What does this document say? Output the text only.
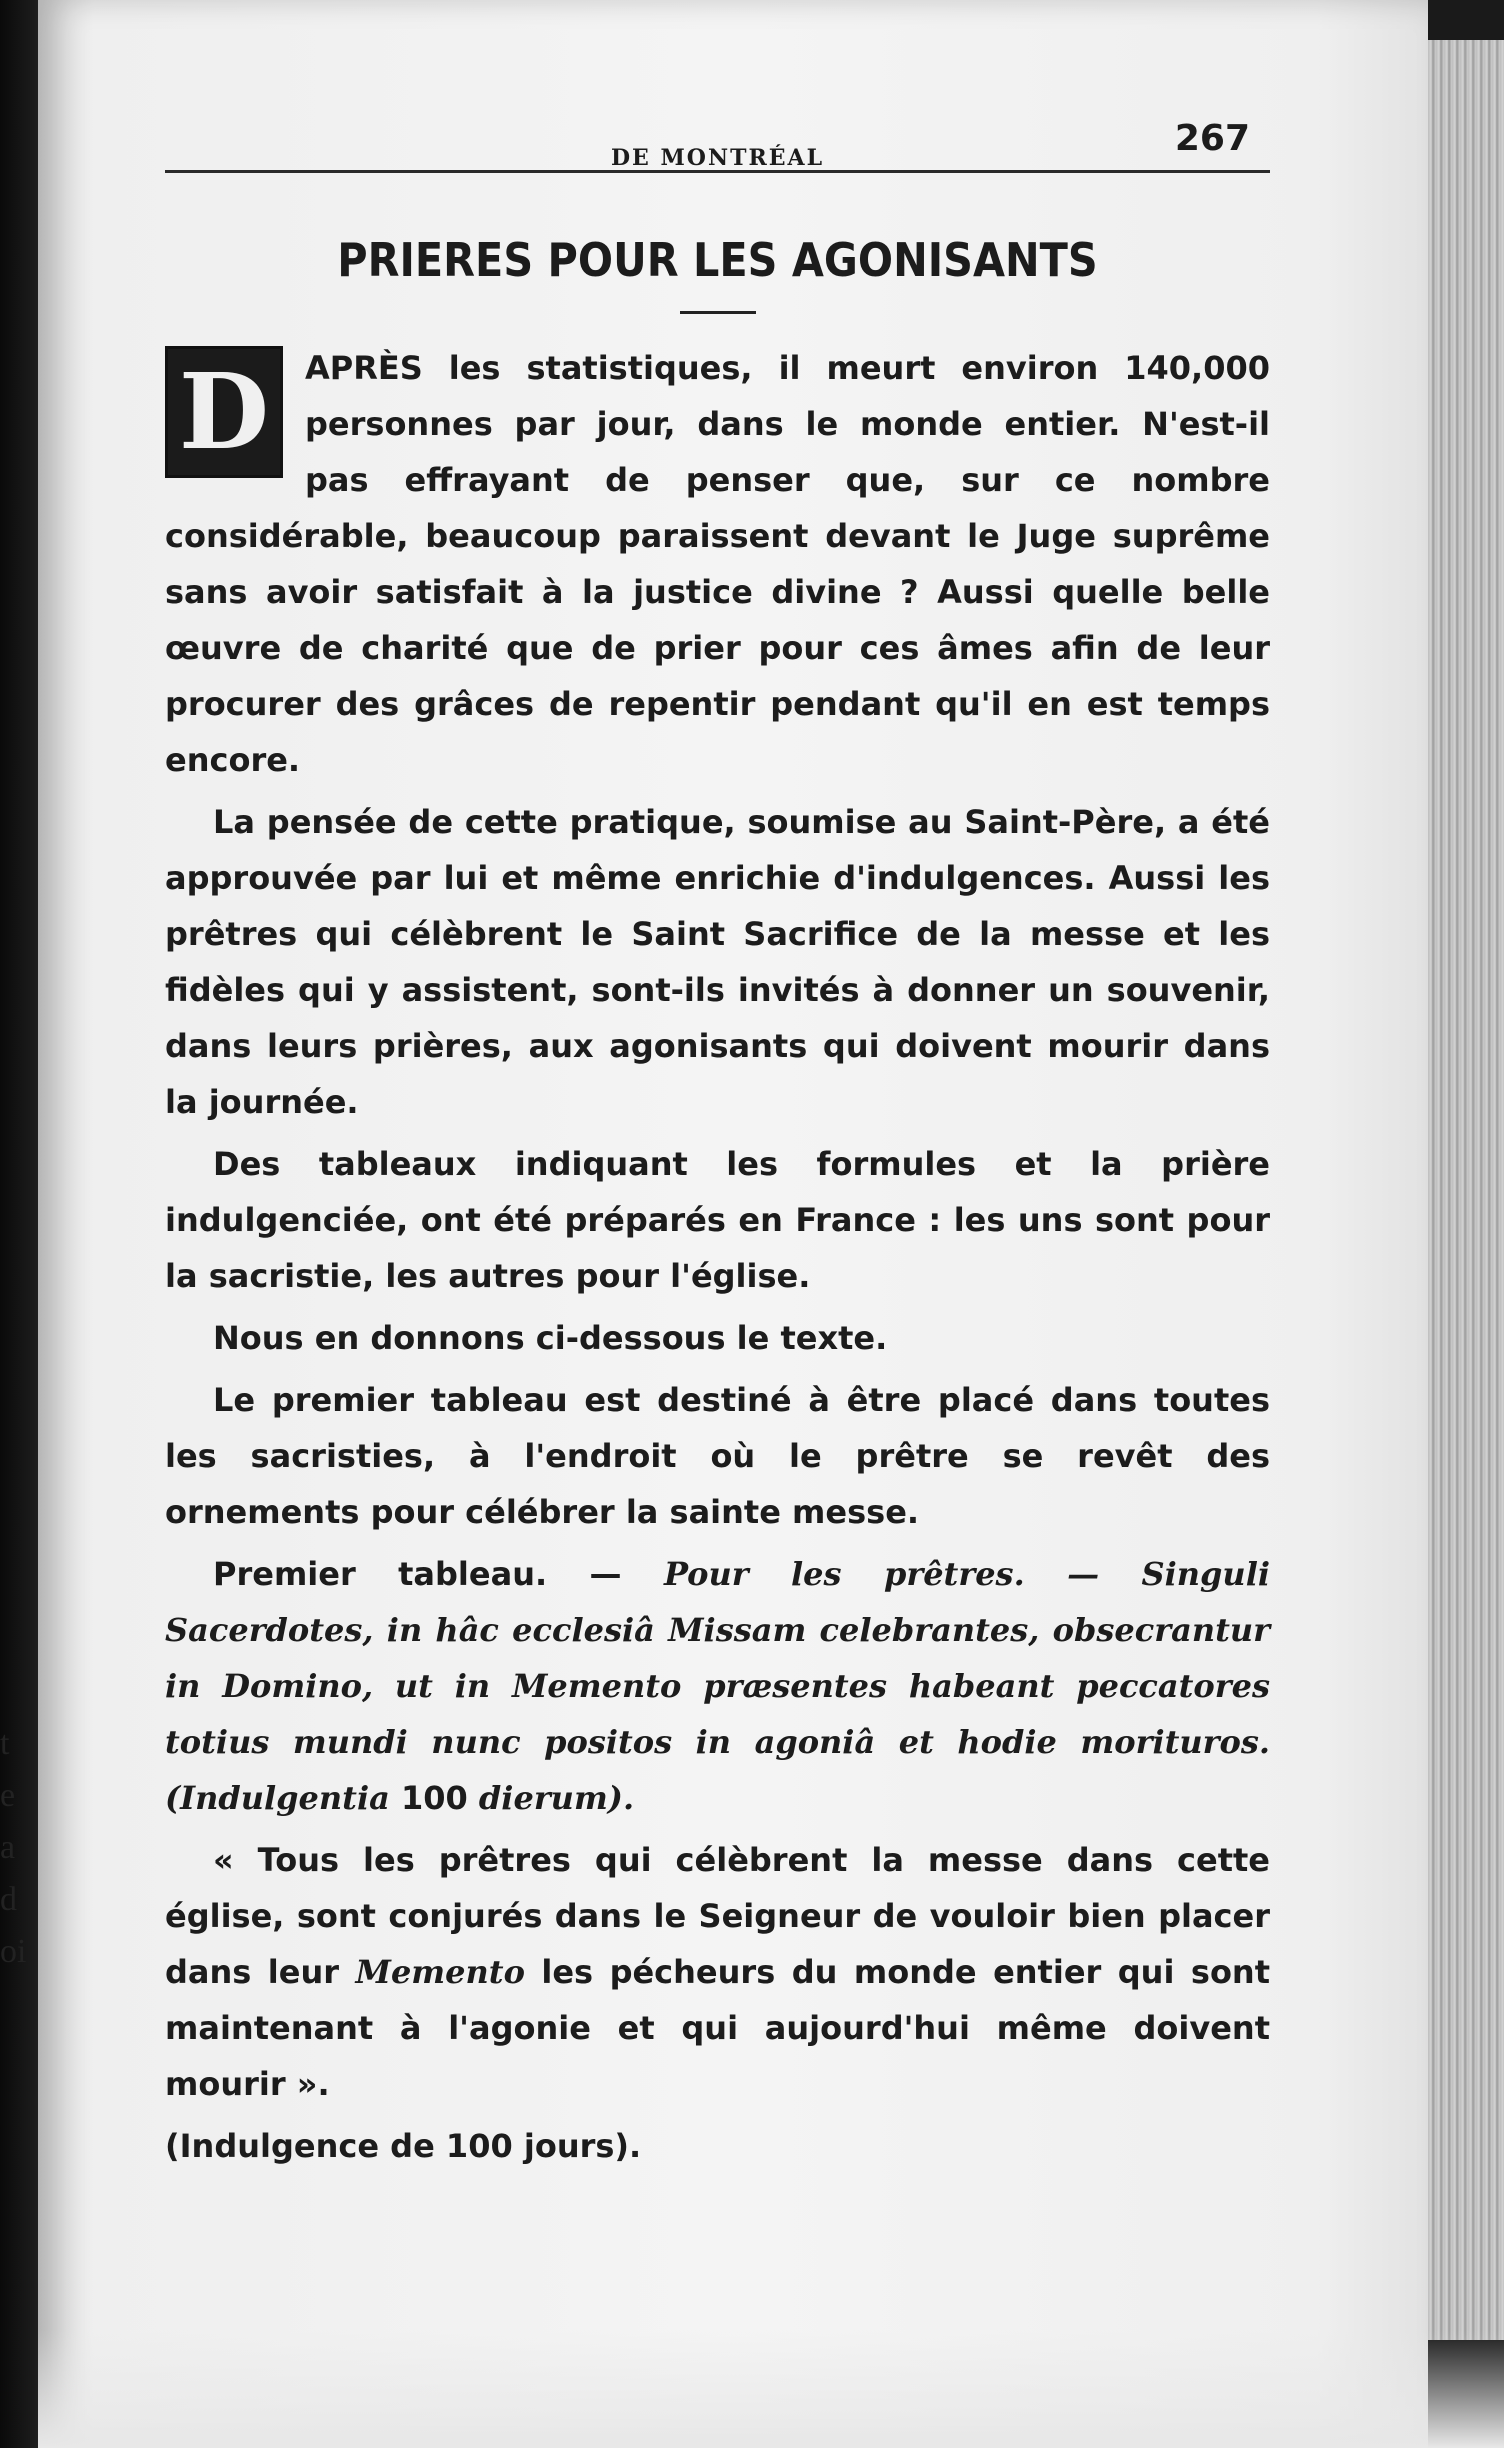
t
e
a
d
oi
DE MONTRÉAL	267
PRIERES POUR LES AGONISANTS
D	APRÈS les statistiques, il meurt environ 140,000 personnes par jour, dans le monde entier. N'est-il pas effrayant de penser que, sur ce nombre considérable, beaucoup paraissent devant le Juge suprême sans avoir satisfait à la justice divine ? Aussi quelle belle œuvre de charité que de prier pour ces âmes afin de leur procurer des grâces de repentir pendant qu'il en est temps encore.

La pensée de cette pratique, soumise au Saint-Père, a été approuvée par lui et même enrichie d'indulgences. Aussi les prêtres qui célèbrent le Saint Sacrifice de la messe et les fidèles qui y assistent, sont-ils invités à donner un souvenir, dans leurs prières, aux agonisants qui doivent mourir dans la journée.

Des tableaux indiquant les formules et la prière indulgenciée, ont été préparés en France : les uns sont pour la sacristie, les autres pour l'église.

Nous en donnons ci-dessous le texte.

Le premier tableau est destiné à être placé dans toutes les sacristies, à l'endroit où le prêtre se revêt des ornements pour célébrer la sainte messe.

Premier tableau. — Pour les prêtres. — Singuli Sacerdotes, in hâc ecclesiâ Missam celebrantes, obsecrantur in Domino, ut in Memento præsentes habeant peccatores totius mundi nunc positos in agoniâ et hodie morituros. (Indulgentia 100 dierum).

« Tous les prêtres qui célèbrent la messe dans cette église, sont conjurés dans le Seigneur de vouloir bien placer dans leur Memento les pécheurs du monde entier qui sont maintenant à l'agonie et qui aujourd'hui même doivent mourir ».

(Indulgence de 100 jours).
